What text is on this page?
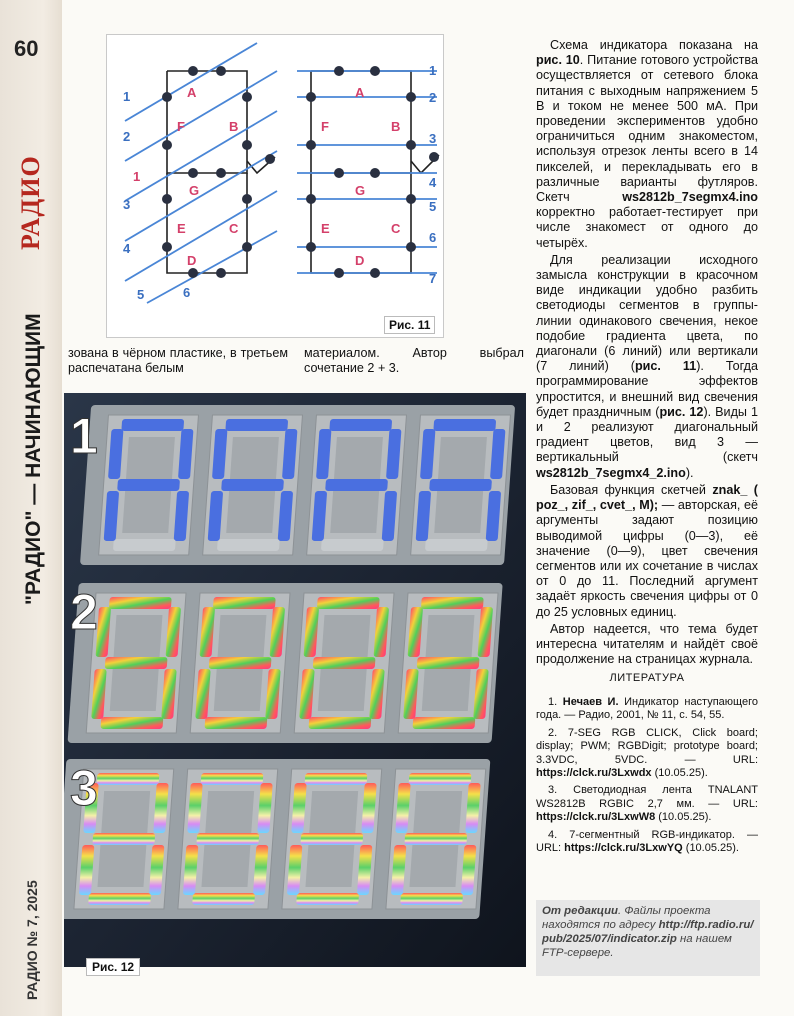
60
РАДИО
"РАДИО" — НАЧИНАЮЩИМ
РАДИО № 7, 2025
A
B
C
D
E
F
G
1
2
1
3
4
5	6
A
B
C
D
E
F
G
1
2
3
4
5
6
7
Рис. 11

Схема индикатора показана на рис. 10. Питание готового устройства осуществляется от сетевого блока питания с выходным напряжением 5 В и током не менее 500 мА. При проведении экспериментов удобно ограничиться одним знакоместом, используя отрезок ленты всего в 14 пикселей, и перекладывать его в различные варианты футляров. Скетч ws2812b_7segmx4.ino корректно работает-тестирует при числе знакомест от одного до четырёх.

Для реализации исходного замысла конструкции в красочном виде индикации удобно разбить светодиоды сегментов в группы-линии одинакового свечения, некое подобие градиента цвета, по диагонали (6 линий) или вертикали (7 линий) (рис. 11). Тогда программирование эффектов упростится, и внешний вид свечения будет праздничным (рис. 12). Виды 1 и 2 реализуют диагональный градиент цветов, вид 3 — вертикальный (скетч ws2812b_7segmx4_2.ino).

Базовая функция скетчей znak_ ( poz_, zif_, cvet_, M); — авторская, её аргументы задают позицию выводимой цифры (0—3), её значение (0—9), цвет свечения сегментов или их сочетание в числах от 0 до 11. Последний аргумент задаёт яркость свечения цифры от 0 до 25 условных единиц.

Автор надеется, что тема будет интересна читателям и найдёт своё продолжение на страницах журнала.

зована в чёрном пластике, в третьем распечатана белым
материалом. Автор выбрал сочетание 2 + 3.
1
2
3
Рис. 12
ЛИТЕРАТУРА
1. Нечаев И. Индикатор наступающего года. — Радио, 2001, № 11, с. 54, 55.
2. 7-SEG RGB CLICK, Click board; display; PWM; RGBDigit; prototype board; 3.3VDC, 5VDC. — URL: https://clck.ru/3Lxwdx (10.05.25).
3. Светодиодная лента TNALANT WS2812B RGBIC 2,7 мм. — URL: https://clck.ru/3LxwW8 (10.05.25).
4. 7-сегментный RGB-индикатор. — URL: https://clck.ru/3LxwYQ (10.05.25).
От редакции. Файлы проекта находятся по адресу http://ftp.radio.ru/pub/2025/07/indicator.zip на нашем FTP-сервере.
